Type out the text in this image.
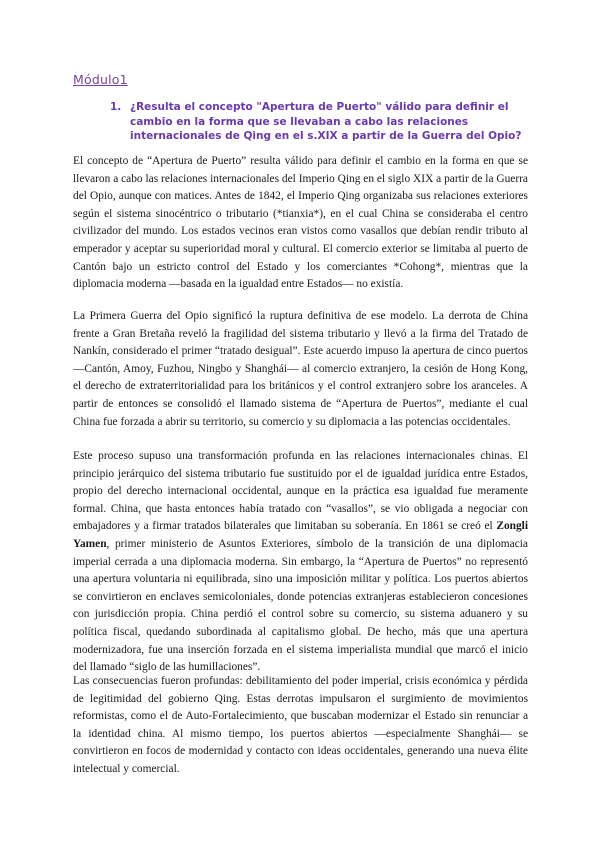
Módulo1
1. ¿Resulta el concepto "Apertura de Puerto" válido para definir el cambio en la forma que se llevaban a cabo las relaciones internacionales de Qing en el s.XIX a partir de la Guerra del Opio?

El concepto de “Apertura de Puerto” resulta válido para definir el cambio en la forma en que se llevaron a cabo las relaciones internacionales del Imperio Qing en el siglo XIX a partir de la Guerra del Opio, aunque con matices. Antes de 1842, el Imperio Qing organizaba sus relaciones exteriores según el sistema sinocéntrico o tributario (*tianxia*), en el cual China se consideraba el centro civilizador del mundo. Los estados vecinos eran vistos como vasallos que debían rendir tributo al emperador y aceptar su superioridad moral y cultural. El comercio exterior se limitaba al puerto de Cantón bajo un estricto control del Estado y los comerciantes *Cohong*, mientras que la diplomacia moderna —basada en la igualdad entre Estados— no existía.

La Primera Guerra del Opio significó la ruptura definitiva de ese modelo. La derrota de China frente a Gran Bretaña reveló la fragilidad del sistema tributario y llevó a la firma del Tratado de Nankín, considerado el primer “tratado desigual”. Este acuerdo impuso la apertura de cinco puertos —Cantón, Amoy, Fuzhou, Ningbo y Shanghái— al comercio extranjero, la cesión de Hong Kong, el derecho de extraterritorialidad para los británicos y el control extranjero sobre los aranceles. A partir de entonces se consolidó el llamado sistema de “Apertura de Puertos”, mediante el cual China fue forzada a abrir su territorio, su comercio y su diplomacia a las potencias occidentales.

Este proceso supuso una transformación profunda en las relaciones internacionales chinas. El principio jerárquico del sistema tributario fue sustituido por el de igualdad jurídica entre Estados, propio del derecho internacional occidental, aunque en la práctica esa igualdad fue meramente formal. China, que hasta entonces había tratado con “vasallos”, se vio obligada a negociar con embajadores y a firmar tratados bilaterales que limitaban su soberanía. En 1861 se creó el Zongli Yamen, primer ministerio de Asuntos Exteriores, símbolo de la transición de una diplomacia imperial cerrada a una diplomacia moderna. Sin embargo, la “Apertura de Puertos” no representó una apertura voluntaria ni equilibrada, sino una imposición militar y política. Los puertos abiertos se convirtieron en enclaves semicoloniales, donde potencias extranjeras establecieron concesiones con jurisdicción propia. China perdió el control sobre su comercio, su sistema aduanero y su política fiscal, quedando subordinada al capitalismo global. De hecho, más que una apertura modernizadora, fue una inserción forzada en el sistema imperialista mundial que marcó el inicio del llamado “siglo de las humillaciones”.

Las consecuencias fueron profundas: debilitamiento del poder imperial, crisis económica y pérdida de legitimidad del gobierno Qing. Estas derrotas impulsaron el surgimiento de movimientos reformistas, como el de Auto-Fortalecimiento, que buscaban modernizar el Estado sin renunciar a la identidad china. Al mismo tiempo, los puertos abiertos —especialmente Shanghái— se convirtieron en focos de modernidad y contacto con ideas occidentales, generando una nueva élite intelectual y comercial.
